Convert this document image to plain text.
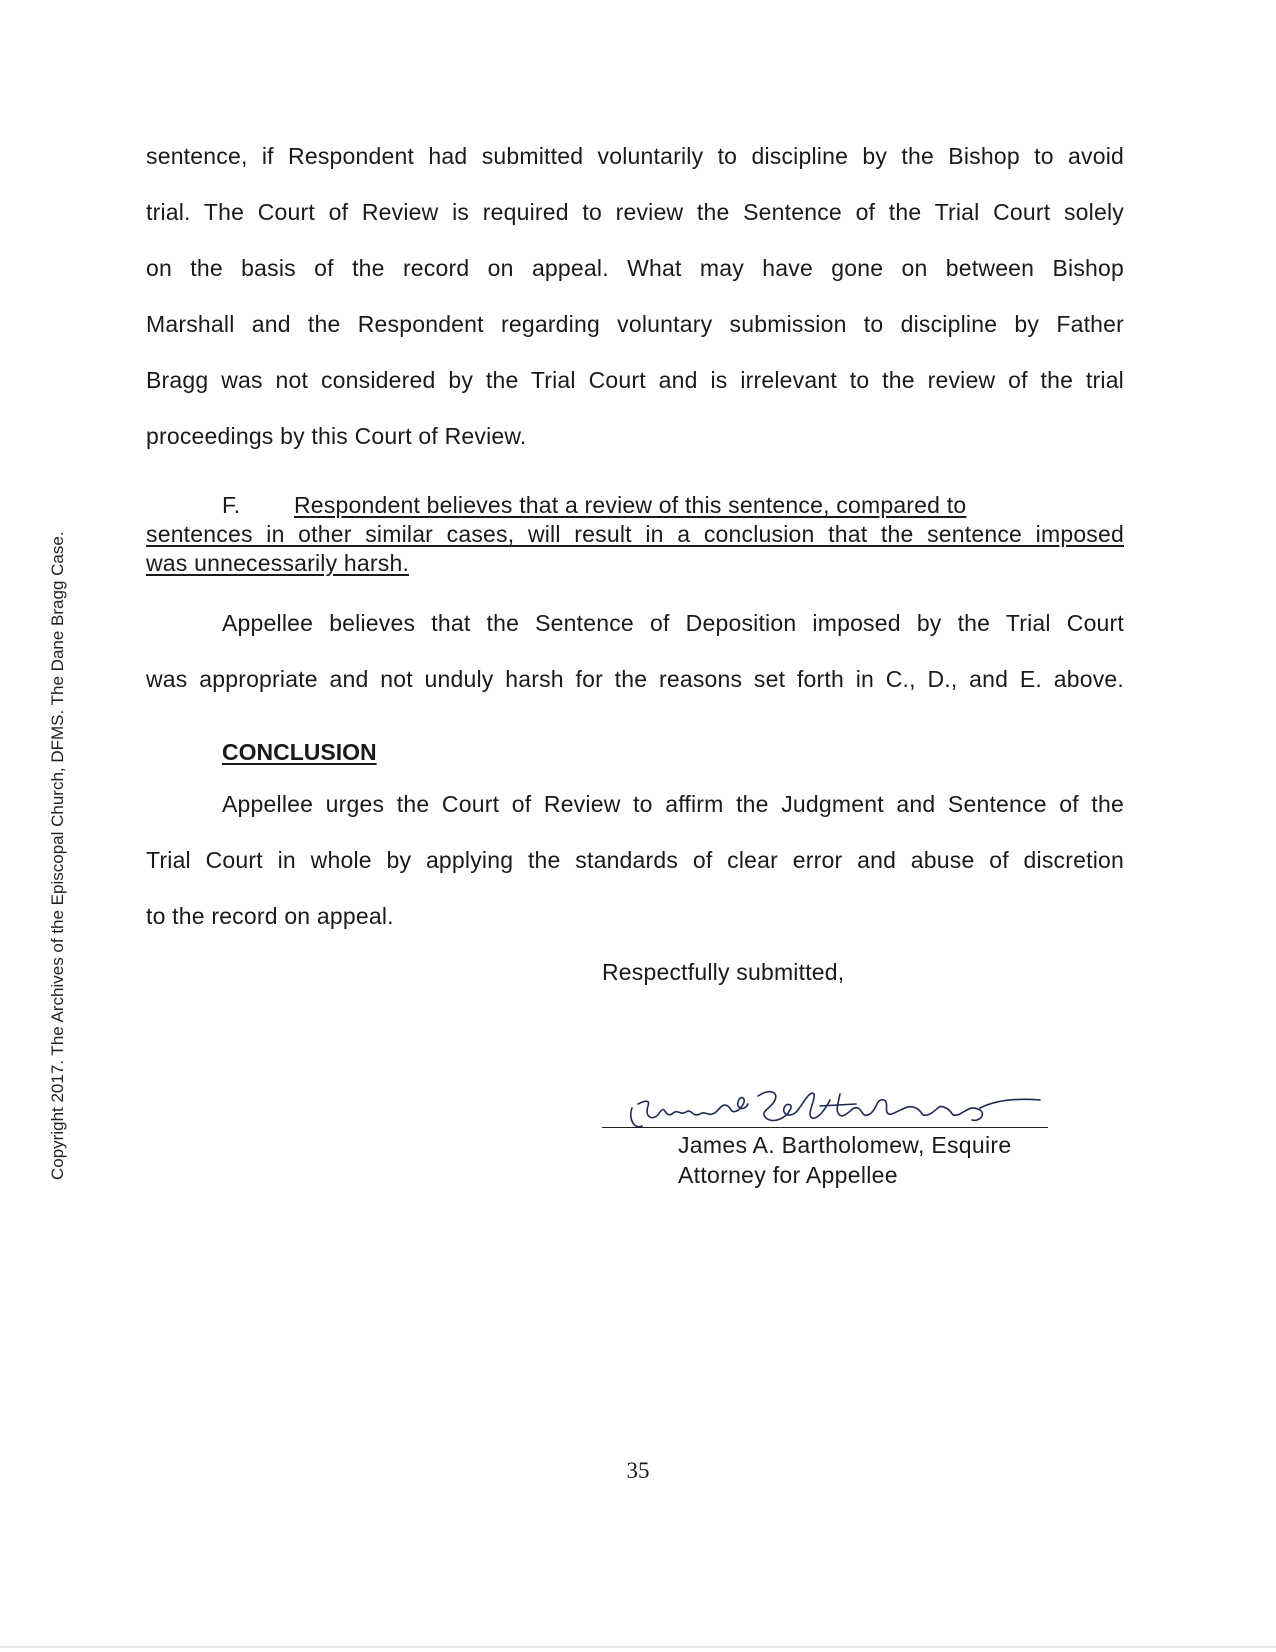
Copyright 2017. The Archives of the Episcopal Church, DFMS. The Dane Bragg Case.
sentence, if Respondent had submitted voluntarily to discipline by the Bishop to avoid
trial. The Court of Review is required to review the Sentence of the Trial Court solely
on the basis of the record on appeal. What may have gone on between Bishop
Marshall and the Respondent regarding voluntary submission to discipline by Father
Bragg was not considered by the Trial Court and is irrelevant to the review of the trial
proceedings by this Court of Review.
F.	Respondent believes that a review of this sentence, compared to
sentences in other similar cases, will result in a conclusion that the sentence imposed
was unnecessarily harsh.
Appellee believes that the Sentence of Deposition imposed by the Trial Court
was appropriate and not unduly harsh for the reasons set forth in C., D., and E. above.
CONCLUSION
Appellee urges the Court of Review to affirm the Judgment and Sentence of the
Trial Court in whole by applying the standards of clear error and abuse of discretion
to the record on appeal.
Respectfully submitted,
James A. Bartholomew, Esquire
Attorney for Appellee
35
